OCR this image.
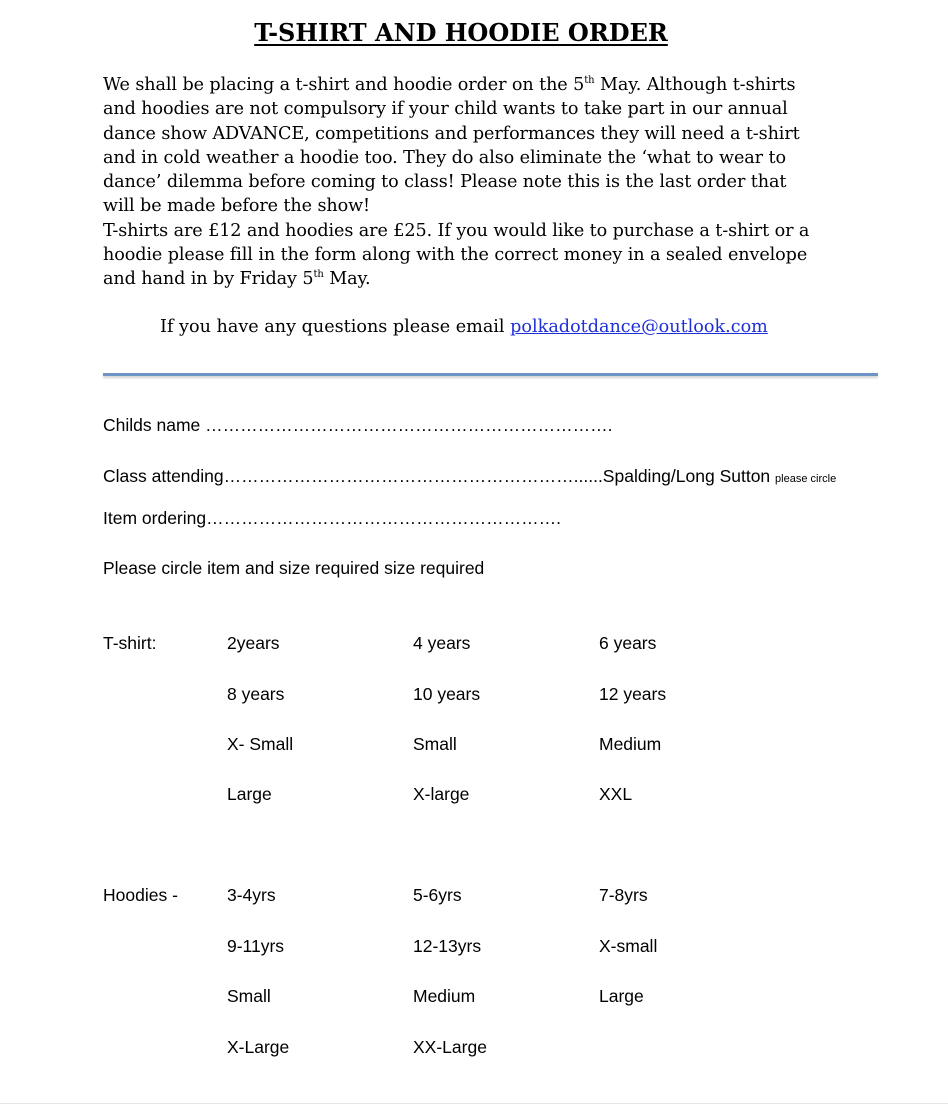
T-SHIRT AND HOODIE ORDER

We shall be placing a t-shirt and hoodie order on the 5th May. Although t-shirts and hoodies are not compulsory if your child wants to take part in our annual dance show ADVANCE, competitions and performances they will need a t-shirt and in cold weather a hoodie too. They do also eliminate the ‘what to wear to dance’ dilemma before coming to class! Please note this is the last order that will be made before the show!

T-shirts are £12 and hoodies are £25. If you would like to purchase a t-shirt or a hoodie please fill in the form along with the correct money in a sealed envelope and hand in by Friday 5th May.

If you have any questions please email polkadotdance@outlook.com
Childs name …………………………………………………………….
Class attending……………………………………………………......Spalding/Long Sutton please circle
Item ordering…………………………………………………….
Please circle item and size required size required
T-shirt:	2years	4 years	6 years
8 years	10 years	12 years
X- Small	Small	Medium
Large	X-large	XXL
Hoodies -	3-4yrs	5-6yrs	7-8yrs
9-11yrs	12-13yrs	X-small
Small	Medium	Large
X-Large	XX-Large
